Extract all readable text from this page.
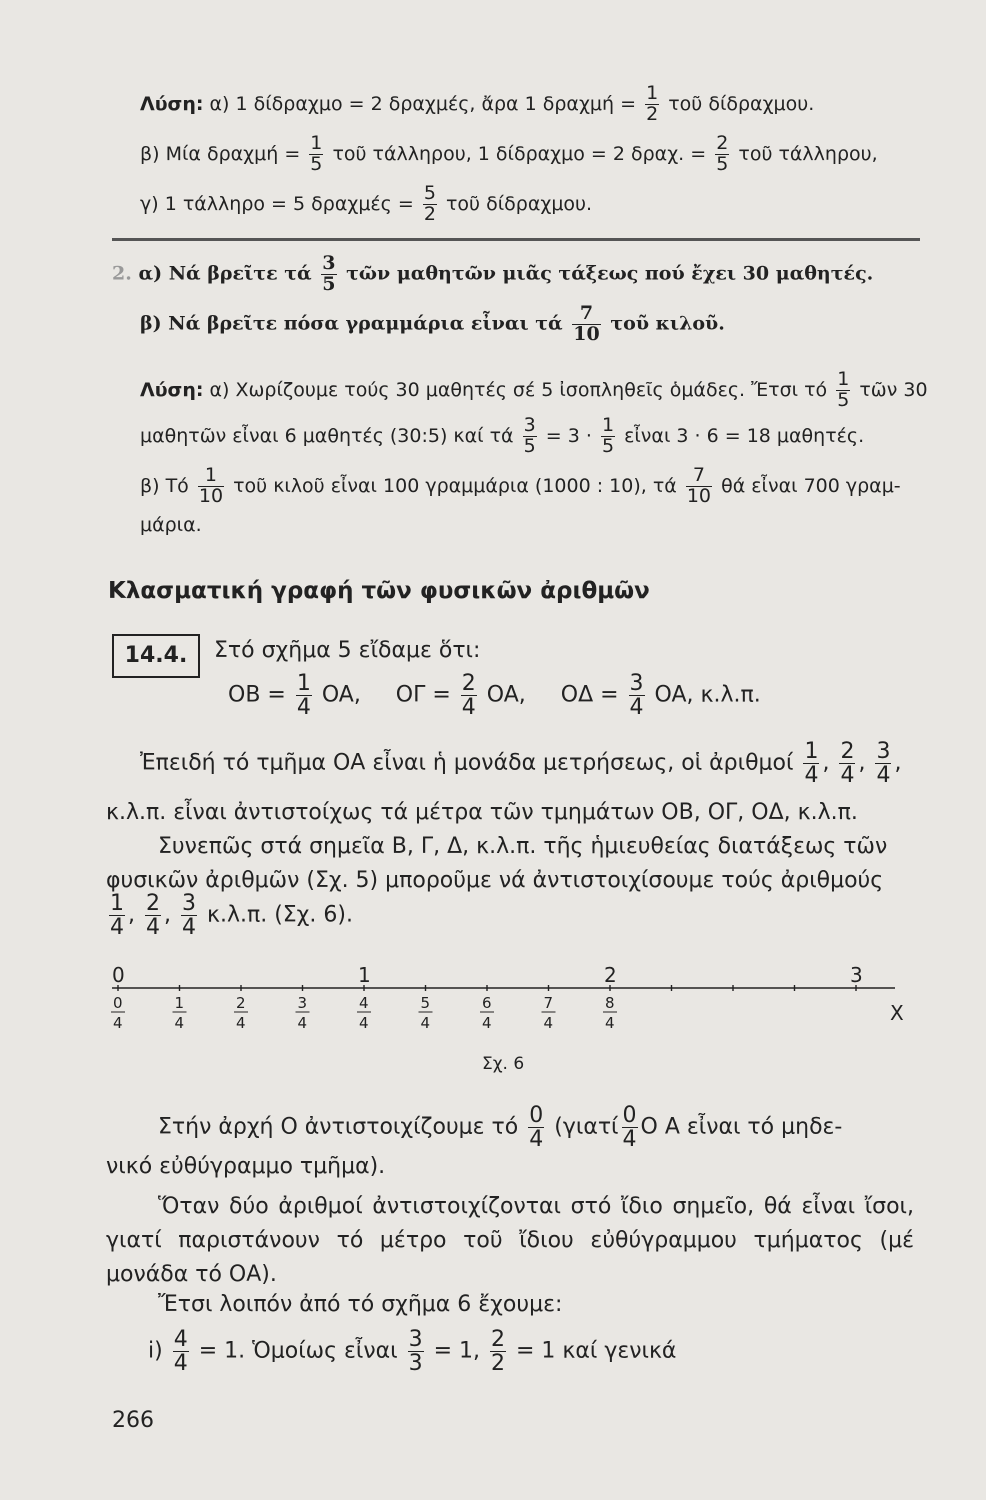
Λύση: α) 1 δίδραχμο = 2 δραχμές, ἄρα 1 $\delta\rho\alpha\chi\mu ή = \frac{1}{2}$ τοῦ δίδραχμου.
β) Μία $\delta\rho\alpha\chi\mu ή = \frac{1}{5}$ τοῦ τάλληρου, 1 δίδραχμο = 2 δραχ. = $\frac{2}{5}$ τοῦ τάλληρου,
γ) 1 τάλληρο = 5 $\delta\rho\alpha\chi\mu έ\varsigma = \frac{5}{2}$ τοῦ δίδραχμου.
2. α) Νά βρεῖτε τά $\frac{3}{5}$ τῶν μαθητῶν μιᾶς τάξεως πού ἔχει 30 μαθητές.
β) Νά βρεῖτε πόσα γραμμάρια εἶναι τά $\frac{7}{10}$ τοῦ κιλοῦ.
Λύση: α) Χωρίζουμε τούς 30 μαθητές σέ 5 ἰσοπληθεῖς ὁμάδες. Ἔτσι τό $\frac{1}{5}$ τῶν 30
μαθητῶν εἶναι 6 μαθητές (30:5) καί τά $\frac{3}{5} = 3 \cdot \frac{1}{5}$ εἶναι 3 · 6 = 18 μαθητές.
β) Τό $\frac{1}{10}$ τοῦ κιλοῦ εἶναι 100 γραμμάρια (1000 : 10), τά $\frac{7}{10}$ θά εἶναι 700 γραμ-
μάρια.
Κλασματική γραφή τῶν φυσικῶν ἀριθμῶν
14.4.	Στό σχῆμα 5 εἴδαμε ὅτι:
OB = $\frac{1}{4}$ OA, $O\Gamma = \frac{2}{4}$ OA, $O\Delta = \frac{3}{4}$ OA, κ.λ.π.
Ἐπειδή τό τμῆμα ΟΑ εἶναι ἡ μονάδα μετρήσεως, οἱ ἀριθμοί $\frac{1}{4}$ , $\frac{2}{4}$ , $\frac{3}{4}$ ,
κ.λ.π. εἶναι ἀντιστοίχως τά μέτρα τῶν τμημάτων ΟΒ, ΟΓ, ΟΔ, κ.λ.π.
Συνεπῶς στά σημεῖα Β, Γ, Δ, κ.λ.π. τῆς ἡμιευθείας διατάξεως τῶν
φυσικῶν ἀριθμῶν (Σχ. 5) μποροῦμε νά ἀντιστοιχίσουμε τούς ἀριθμούς
$\frac{1}{4}$ , $\frac{2}{4}$ , $\frac{3}{4} \kappa.\lambda.\pi$. (Σχ. 6).
0	1	2	3
0
4
1
4
2
4
3
4
4
4
5
4
6
4
7
4
8
4	X
Σχ. 6
Στήν ἀρχή Ο ἀντιστοιχίζουμε τό $\frac{0}{4} (\gamma\iota\alpha\tau ί \frac{0}{4}$ O A εἶναι τό μηδε-
νικό εὐθύγραμμο τμῆμα).
Ὅταν δύο ἀριθμοί ἀντιστοιχίζονται στό ἴδιο σημεῖο, θά εἶναι ἴσοι, γιατί παριστάνουν τό μέτρο τοῦ ἴδιου εὐθύγραμμου τμήματος (μέ μονάδα τό ΟΑ).
Ἔτσι λοιπόν ἀπό τό σχῆμα 6 ἔχουμε:
$i) \frac{4}{4} = 1$. Ὁμοίως εἶναι $\frac{3}{3} = 1$, $\frac{2}{2} = 1$ καί γενικά
266
